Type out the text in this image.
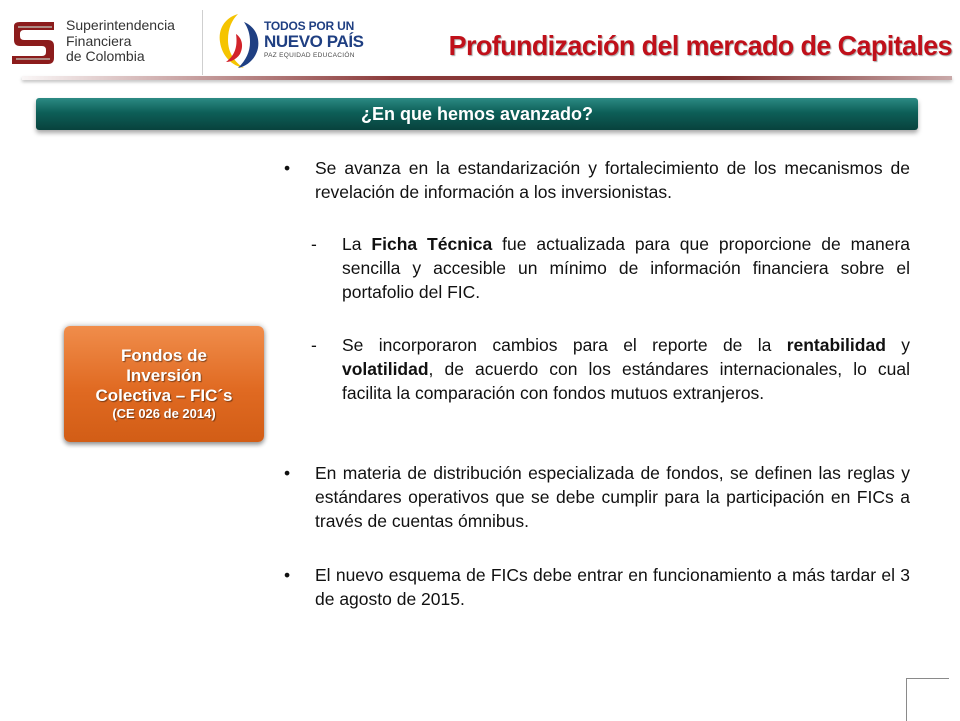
Superintendencia
Financiera
de Colombia
TODOS POR UN
NUEVO PAÍS
PAZ EQUIDAD EDUCACIÓN	Profundización del mercado de Capitales
¿En que hemos avanzado?
Fondos de
Inversión
Colectiva – FIC´s
(CE 026 de 2014)
• Se avanza en la estandarización y fortalecimiento de los mecanismos de revelación de información a los inversionistas.
- La Ficha Técnica fue actualizada para que proporcione de manera sencilla y accesible un mínimo de información financiera sobre el portafolio del FIC.
- Se incorporaron cambios para el reporte de la rentabilidad y volatilidad, de acuerdo con los estándares internacionales, lo cual facilita la comparación con fondos mutuos extranjeros.
• En materia de distribución especializada de fondos, se definen las reglas y estándares operativos que se debe cumplir para la participación en FICs a través de cuentas ómnibus.
• El nuevo esquema de FICs debe entrar en funcionamiento a más tardar el 3 de agosto de 2015.
